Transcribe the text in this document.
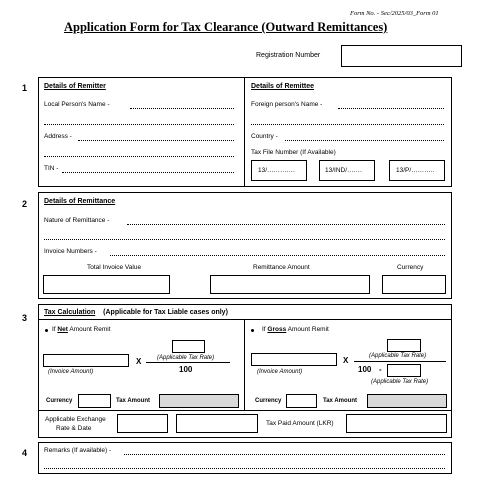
Form No. - Sec/2025/03_Form 01
Application Form for Tax Clearance (Outward Remittances)
Registration Number
1
2
3
4
Details of Remitter
Local Person's Name -
Address -
TIN -
Details of Remittee
Foreign person's Name -
Country -
Tax File Number (If Available)
13/………….	13/IND/…….	13/P/………..
Details of Remittance
Nature of Remittance -
Invoice Numbers -
Total Invoice Value	Remittance Amount	Currency
Tax Calculation (Applicable for Tax Liable cases only)
If Net Amount Remit
X	(Applicable Tax Rate)
100
(Invoice Amount)
Currency	Tax Amount
If Gross Amount Remit
X	(Applicable Tax Rate)
100 -
(Applicable Tax Rate)
(Invoice Amount)
Currency	Tax Amount
Applicable Exchange
Rate & Date
Tax Paid Amount (LKR)
Remarks (If available) -
